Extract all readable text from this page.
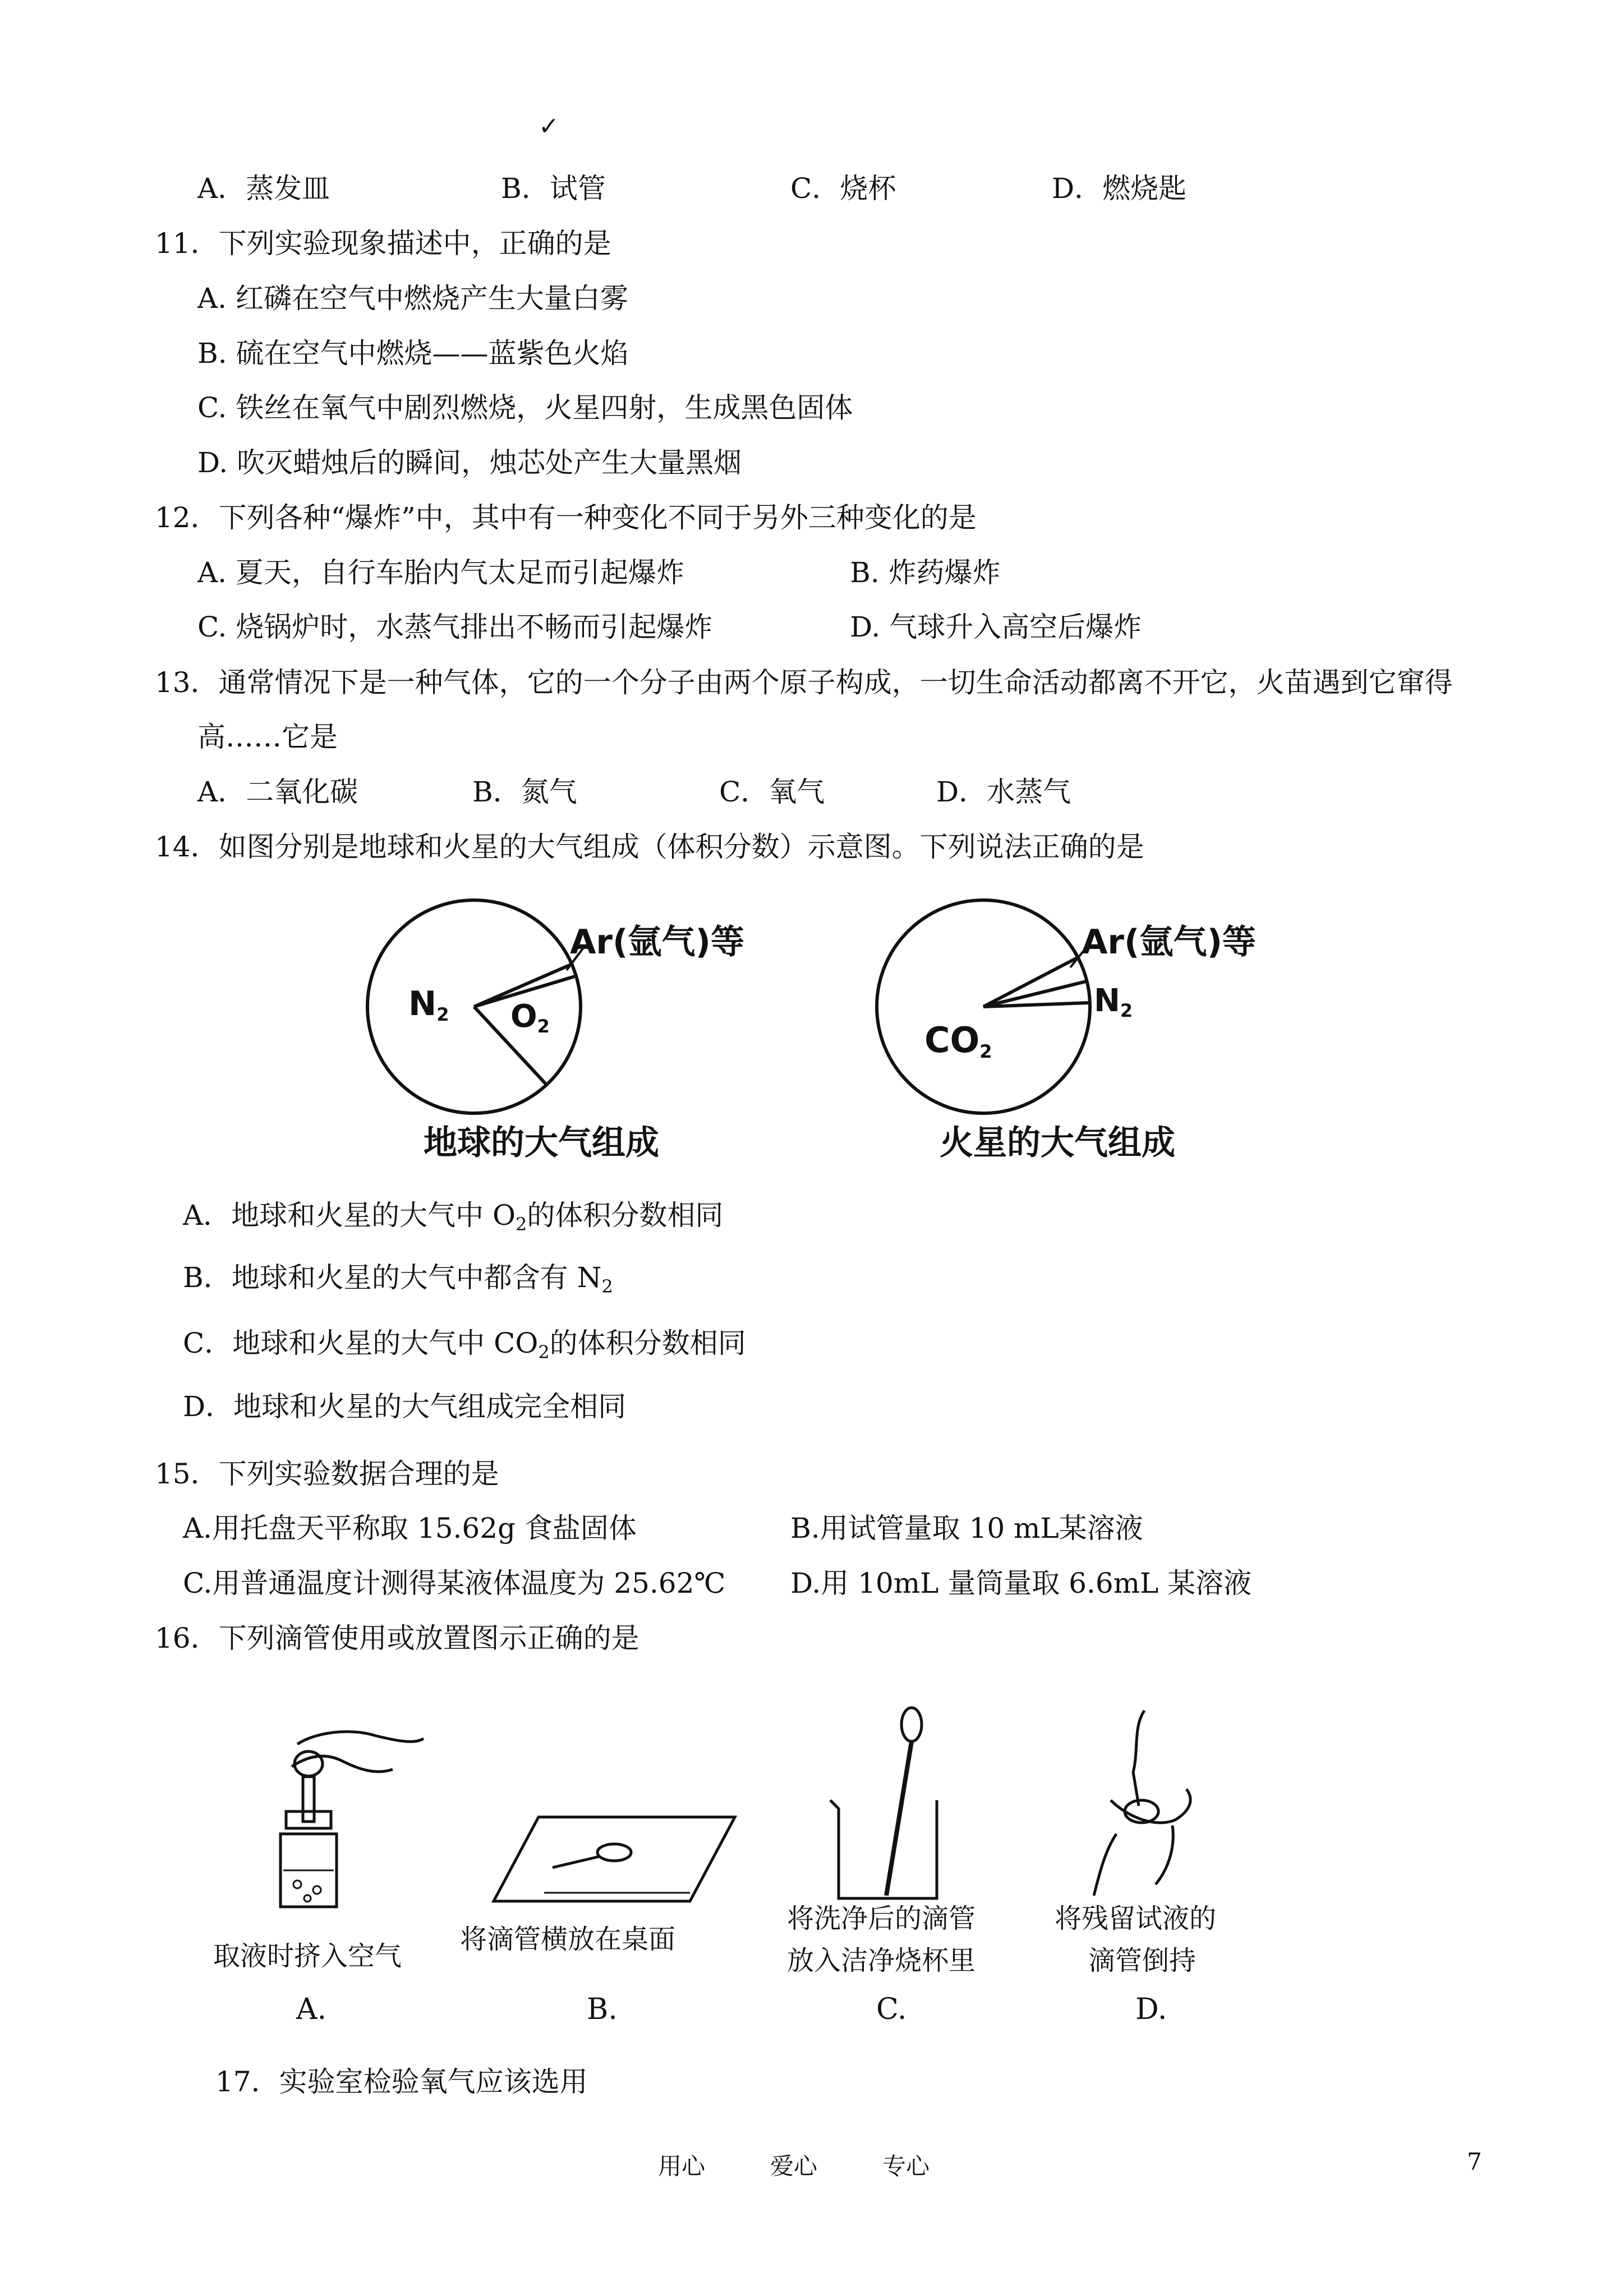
✓
A．蒸发皿	B．试管	C．烧杯	D．燃烧匙
11．下列实验现象描述中，正确的是
A. 红磷在空气中燃烧产生大量白雾
B. 硫在空气中燃烧——蓝紫色火焰
C. 铁丝在氧气中剧烈燃烧，火星四射，生成黑色固体
D. 吹灭蜡烛后的瞬间，烛芯处产生大量黑烟
12．下列各种“爆炸”中，其中有一种变化不同于另外三种变化的是
A. 夏天，自行车胎内气太足而引起爆炸	B. 炸药爆炸
C. 烧锅炉时，水蒸气排出不畅而引起爆炸	D. 气球升入高空后爆炸
13．通常情况下是一种气体，它的一个分子由两个原子构成，一切生命活动都离不开它，火苗遇到它窜得
高……它是
A．二氧化碳	B．氮气	C．氧气	D．水蒸气
14．如图分别是地球和火星的大气组成（体积分数）示意图。下列说法正确的是
$N_2$ $O_2$
Ar(氩气)等
地球的大气组成
$CO_2$
$N_2$
Ar(氩气)等
火星的大气组成
A．地球和火星的大气中 $O_2$的体积分数相同
B．地球和火星的大气中都含有 $N_2$
C．地球和火星的大气中 $CO_2$的体积分数相同
D．地球和火星的大气组成完全相同
15．下列实验数据合理的是
A.用托盘天平称取 15.62g 食盐固体	B.用试管量取 10 mL某溶液
C.用普通温度计测得某液体温度为 25.62℃ D.用 10mL 量筒量取 6.6mL 某溶液
16．下列滴管使用或放置图示正确的是
取液时挤入空气
A.
将滴管横放在桌面
B.
将洗净后的滴管
放入洁净烧杯里
C.
将残留试液的
滴管倒持
D.
17．实验室检验氧气应该选用
用心	爱心	专心	7
